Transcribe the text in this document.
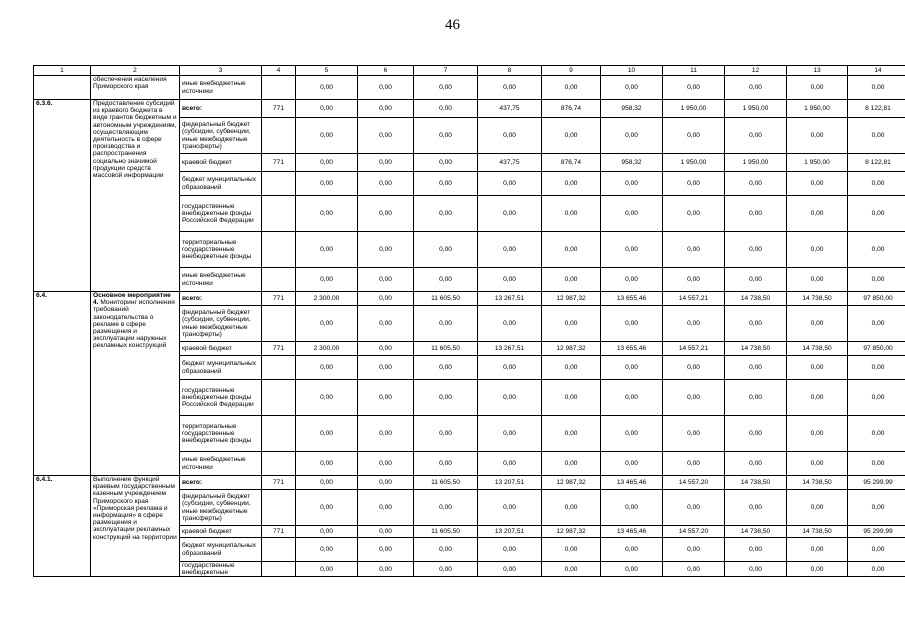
46
1	2	3	4	5	6	7	8	9	10	11	12	13	14
	обеспечения населения Приморского края	иные внебюджетные источники		0,00	0,00	0,00	0,00	0,00	0,00	0,00	0,00	0,00	0,00
6.3.6.	Предоставление субсидий из краевого бюджета в виде грантов бюджетным и автономным учреждениям, осуществляющим деятельность в сфере производства и распространения социально значимой продукции средств массовой информации	всего:	771	0,00	0,00	0,00	437,75	876,74	958,32	1 950,00	1 950,00	1 950,00	8 122,81
		федеральный бюджет (субсидии, субвенции, иные межбюджетные трансферты)		0,00	0,00	0,00	0,00	0,00	0,00	0,00	0,00	0,00	0,00
		краевой бюджет	771	0,00	0,00	0,00	437,75	876,74	958,32	1 950,00	1 950,00	1 950,00	8 122,81
		бюджет муниципальных образований		0,00	0,00	0,00	0,00	0,00	0,00	0,00	0,00	0,00	0,00
		государственные внебюджетные фонды Российской Федерации		0,00	0,00	0,00	0,00	0,00	0,00	0,00	0,00	0,00	0,00
		территориальные государственные внебюджетные фонды		0,00	0,00	0,00	0,00	0,00	0,00	0,00	0,00	0,00	0,00
		иные внебюджетные источники		0,00	0,00	0,00	0,00	0,00	0,00	0,00	0,00	0,00	0,00
6.4.	Основное мероприятие 4. Мониторинг исполнения требований законодательства о рекламе в сфере размещения и эксплуатации наружных рекламных конструкций	всего:	771	2 300,00	0,00	11 605,50	13 267,51	12 987,32	13 655,46	14 557,21	14 738,50	14 738,50	97 850,00
		федеральный бюджет (субсидии, субвенции, иные межбюджетные трансферты)		0,00	0,00	0,00	0,00	0,00	0,00	0,00	0,00	0,00	0,00
		краевой бюджет	771	2 300,00	0,00	11 605,50	13 267,51	12 987,32	13 655,46	14 557,21	14 738,50	14 738,50	97 850,00
		бюджет муниципальных образований		0,00	0,00	0,00	0,00	0,00	0,00	0,00	0,00	0,00	0,00
		государственные внебюджетные фонды Российской Федерации		0,00	0,00	0,00	0,00	0,00	0,00	0,00	0,00	0,00	0,00
		территориальные государственные внебюджетные фонды		0,00	0,00	0,00	0,00	0,00	0,00	0,00	0,00	0,00	0,00
		иные внебюджетные источники		0,00	0,00	0,00	0,00	0,00	0,00	0,00	0,00	0,00	0,00
6.4.1.	Выполнение функций краевым государственным казенным учреждением Приморского края «Приморская реклама и информация» в сфере размещения и эксплуатации рекламных конструкций на территории	всего:	771	0,00	0,00	11 605,50	13 207,51	12 987,32	13 465,46	14 557,20	14 738,50	14 738,50	95 299,99
		федеральный бюджет (субсидии, субвенции, иные межбюджетные трансферты)		0,00	0,00	0,00	0,00	0,00	0,00	0,00	0,00	0,00	0,00
		краевой бюджет	771	0,00	0,00	11 605,50	13 207,51	12 987,32	13 465,46	14 557,20	14 738,50	14 738,50	95 299,99
		бюджет муниципальных образований		0,00	0,00	0,00	0,00	0,00	0,00	0,00	0,00	0,00	0,00
		государственные внебюджетные		0,00	0,00	0,00	0,00	0,00	0,00	0,00	0,00	0,00	0,00
